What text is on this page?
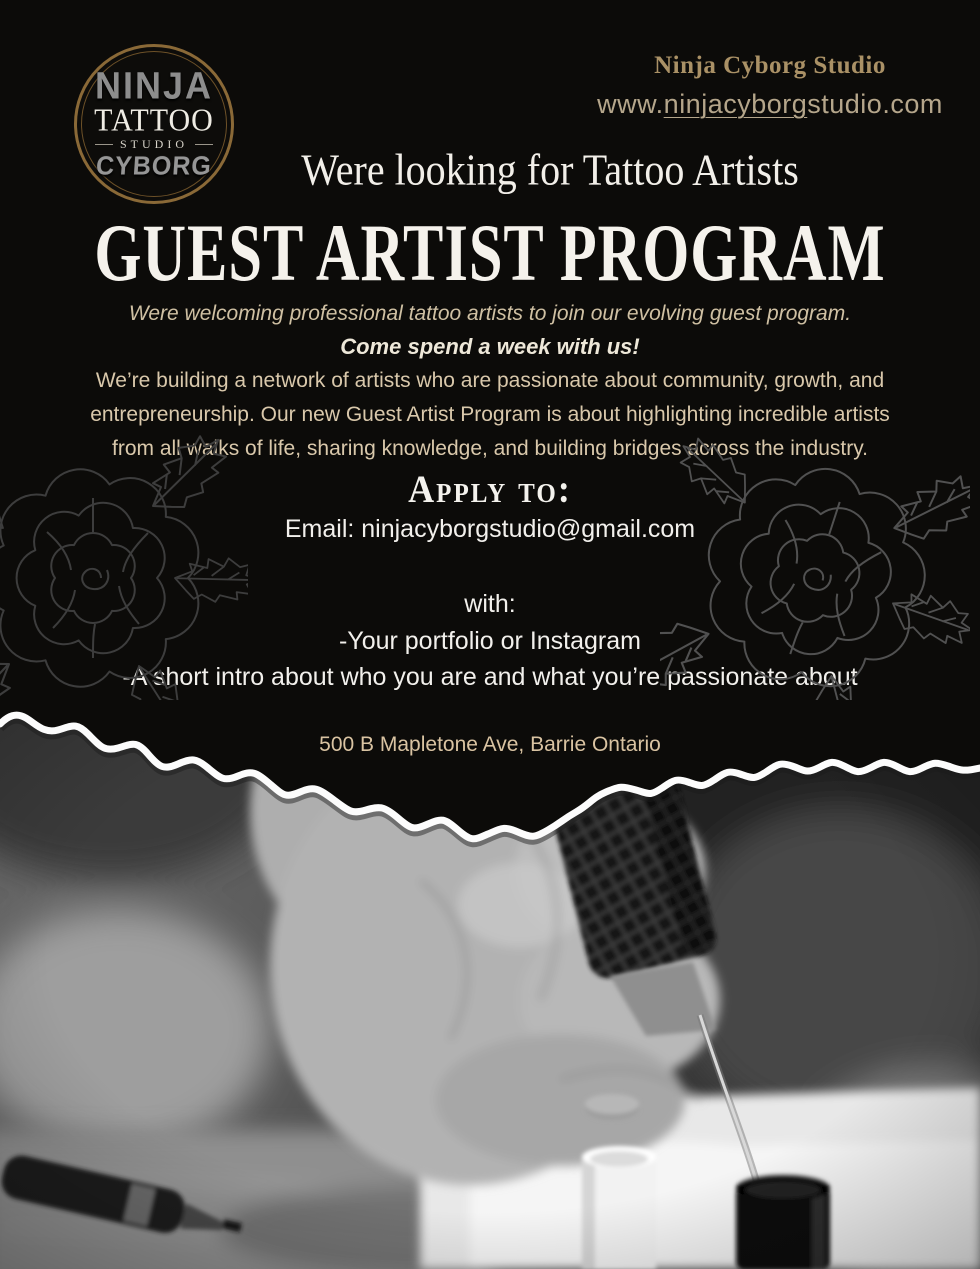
NINJA
TATTOO
STUDIO
CYBORG
Ninja Cyborg Studio
www.ninjacyborgstudio.com
Were looking for Tattoo Artists
GUEST ARTIST PROGRAM
Were welcoming professional tattoo artists to join our evolving guest program.
Come spend a week with us!
We’re building a network of artists who are passionate about community, growth, and entrepreneurship. Our new Guest Artist Program is about highlighting incredible artists from all walks of life, sharing knowledge, and building bridges across the industry.
Apply to:
Email: ninjacyborgstudio@gmail.com
with:
-Your portfolio or Instagram
-A short intro about who you are and what you’re passionate about
500 B Mapletone Ave, Barrie Ontario
